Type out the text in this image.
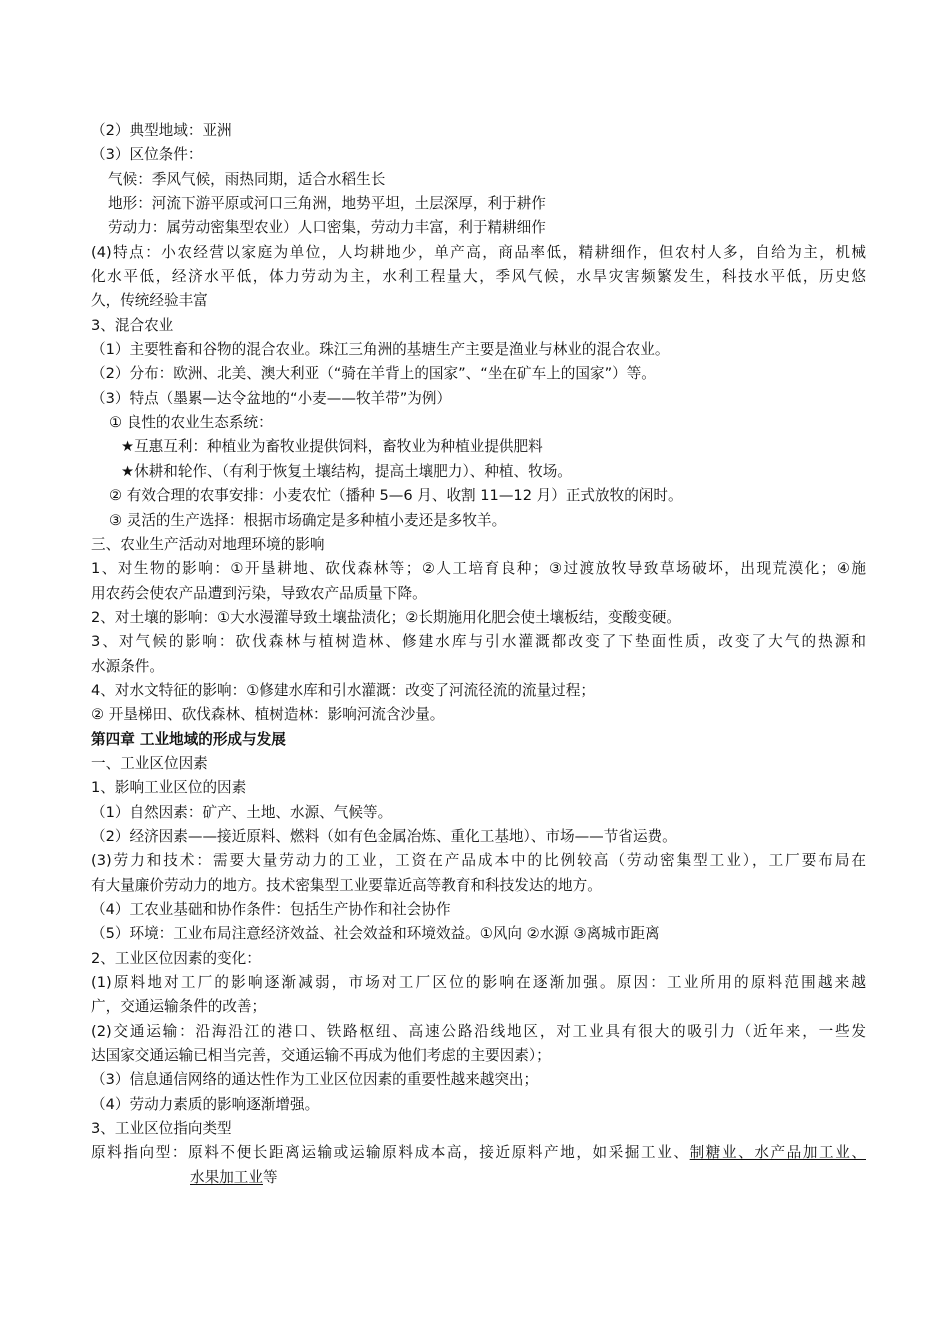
（2）典型地域：亚洲
（3）区位条件：
气候：季风气候，雨热同期，适合水稻生长
地形：河流下游平原或河口三角洲，地势平坦，土层深厚，利于耕作
劳动力：属劳动密集型农业）人口密集，劳动力丰富，利于精耕细作
(4)特点：小农经营以家庭为单位，人均耕地少，单产高，商品率低，精耕细作，但农村人多，自给为主，机械
化水平低，经济水平低，体力劳动为主，水利工程量大，季风气候，水旱灾害频繁发生，科技水平低，历史悠
久，传统经验丰富
3、混合农业
（1）主要牲畜和谷物的混合农业。珠江三角洲的基塘生产主要是渔业与林业的混合农业。
（2）分布：欧洲、北美、澳大利亚（“骑在羊背上的国家”、“坐在矿车上的国家”）等。
（3）特点（墨累—达令盆地的“小麦——牧羊带”为例）
① 良性的农业生态系统：
★互惠互利：种植业为畜牧业提供饲料，畜牧业为种植业提供肥料
★休耕和轮作、（有利于恢复土壤结构，提高土壤肥力）、种植、牧场。
② 有效合理的农事安排：小麦农忙（播种 5—6 月、收割 11—12 月）正式放牧的闲时。
③ 灵活的生产选择：根据市场确定是多种植小麦还是多牧羊。
三、农业生产活动对地理环境的影响
1、对生物的影响：①开垦耕地、砍伐森林等；②人工培育良种；③过渡放牧导致草场破坏，出现荒漠化；④施
用农药会使农产品遭到污染，导致农产品质量下降。
2、对土壤的影响：①大水漫灌导致土壤盐渍化；②长期施用化肥会使土壤板结，变酸变硬。
3、对气候的影响：砍伐森林与植树造林、修建水库与引水灌溉都改变了下垫面性质，改变了大气的热源和
水源条件。
4、对水文特征的影响：①修建水库和引水灌溉：改变了河流径流的流量过程；
② 开垦梯田、砍伐森林、植树造林：影响河流含沙量。
第四章 工业地域的形成与发展
一、工业区位因素
1、影响工业区位的因素
（1）自然因素：矿产、土地、水源、气候等。
（2）经济因素——接近原料、燃料（如有色金属冶炼、重化工基地）、市场——节省运费。
(3)劳力和技术：需要大量劳动力的工业，工资在产品成本中的比例较高（劳动密集型工业），工厂要布局在
有大量廉价劳动力的地方。技术密集型工业要靠近高等教育和科技发达的地方。
（4）工农业基础和协作条件：包括生产协作和社会协作
（5）环境：工业布局注意经济效益、社会效益和环境效益。①风向 ②水源 ③离城市距离
2、工业区位因素的变化：
(1)原料地对工厂的影响逐渐减弱，市场对工厂区位的影响在逐渐加强。原因：工业所用的原料范围越来越
广，交通运输条件的改善；
(2)交通运输：沿海沿江的港口、铁路枢纽、高速公路沿线地区，对工业具有很大的吸引力（近年来，一些发
达国家交通运输已相当完善，交通运输不再成为他们考虑的主要因素）；
（3）信息通信网络的通达性作为工业区位因素的重要性越来越突出；
（4）劳动力素质的影响逐渐增强。
3、工业区位指向类型
原料指向型：原料不便长距离运输或运输原料成本高，接近原料产地，如采掘工业、制糖业、水产品加工业、
水果加工业等
